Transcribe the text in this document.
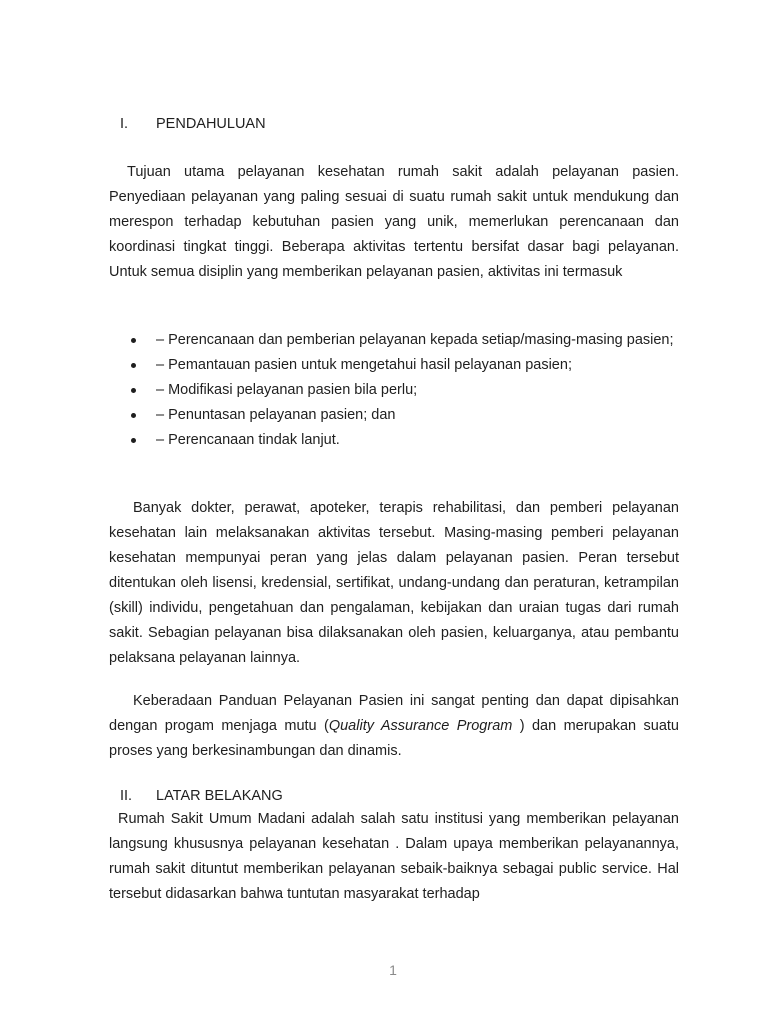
I. PENDAHULUAN

Tujuan utama pelayanan kesehatan rumah sakit adalah pelayanan pasien. Penyediaan pelayanan yang paling sesuai di suatu rumah sakit untuk mendukung dan merespon terhadap kebutuhan pasien yang unik, memerlukan perencanaan dan koordinasi tingkat tinggi. Beberapa aktivitas tertentu bersifat dasar bagi pelayanan. Untuk semua disiplin yang memberikan pelayanan pasien, aktivitas ini termasuk

– Perencanaan dan pemberian pelayanan kepada setiap/masing-masing pasien;
– Pemantauan pasien untuk mengetahui hasil pelayanan pasien;
– Modifikasi pelayanan pasien bila perlu;
– Penuntasan pelayanan pasien; dan
– Perencanaan tindak lanjut.

Banyak dokter, perawat, apoteker, terapis rehabilitasi, dan pemberi pelayanan kesehatan lain melaksanakan aktivitas tersebut. Masing-masing pemberi pelayanan kesehatan mempunyai peran yang jelas dalam pelayanan pasien. Peran tersebut ditentukan oleh lisensi, kredensial, sertifikat, undang-undang dan peraturan, ketrampilan (skill) individu, pengetahuan dan pengalaman, kebijakan dan uraian tugas dari rumah sakit. Sebagian pelayanan bisa dilaksanakan oleh pasien, keluarganya, atau pembantu pelaksana pelayanan lainnya.

Keberadaan Panduan Pelayanan Pasien ini sangat penting dan dapat dipisahkan dengan progam menjaga mutu (Quality Assurance Program ) dan merupakan suatu proses yang berkesinambungan dan dinamis.

II. LATAR BELAKANG

Rumah Sakit Umum Madani adalah salah satu institusi yang memberikan pelayanan langsung khususnya pelayanan kesehatan . Dalam upaya memberikan pelayanannya, rumah sakit dituntut memberikan pelayanan sebaik-baiknya sebagai public service. Hal tersebut didasarkan bahwa tuntutan masyarakat terhadap

1
